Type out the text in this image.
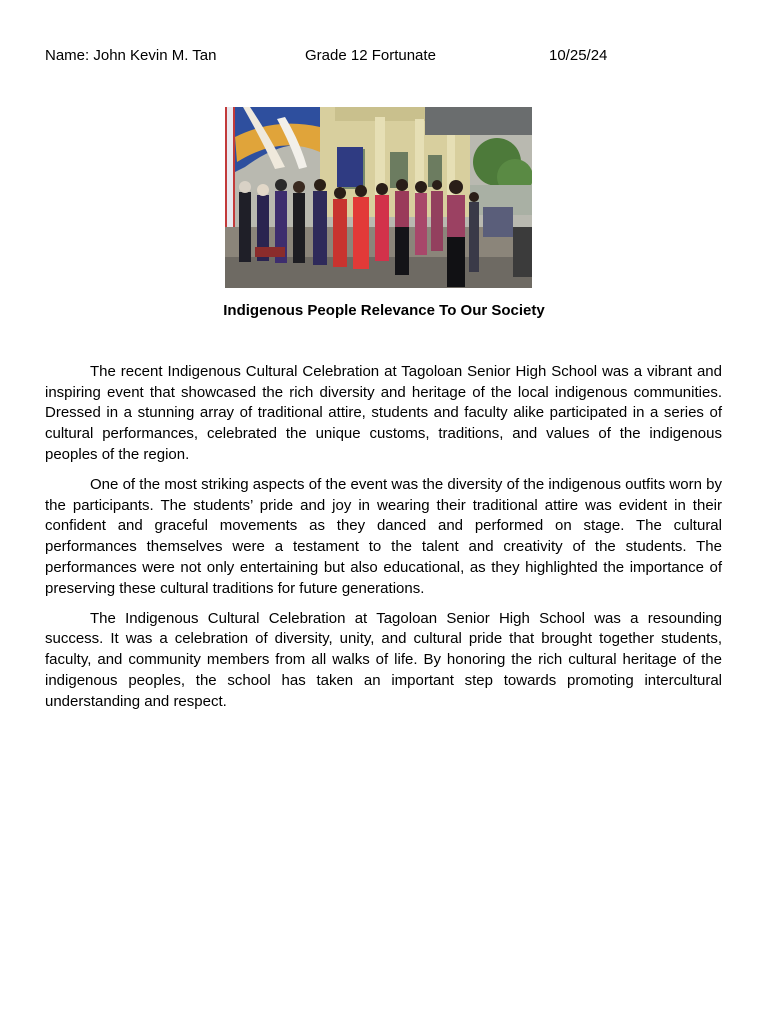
Name: John Kevin M. Tan	Grade 12 Fortunate	10/25/24
Indigenous People Relevance To Our Society

The recent Indigenous Cultural Celebration at Tagoloan Senior High School was a vibrant and inspiring event that showcased the rich diversity and heritage of the local indigenous communities. Dressed in a stunning array of traditional attire, students and faculty alike participated in a series of cultural performances, celebrated the unique customs, traditions, and values of the indigenous peoples of the region.

One of the most striking aspects of the event was the diversity of the indigenous outfits worn by the participants. The students’ pride and joy in wearing their traditional attire was evident in their confident and graceful movements as they danced and performed on stage. The cultural performances themselves were a testament to the talent and creativity of the students. The performances were not only entertaining but also educational, as they highlighted the importance of preserving these cultural traditions for future generations.

The Indigenous Cultural Celebration at Tagoloan Senior High School was a resounding success. It was a celebration of diversity, unity, and cultural pride that brought together students, faculty, and community members from all walks of life. By honoring the rich cultural heritage of the indigenous peoples, the school has taken an important step towards promoting intercultural understanding and respect.
